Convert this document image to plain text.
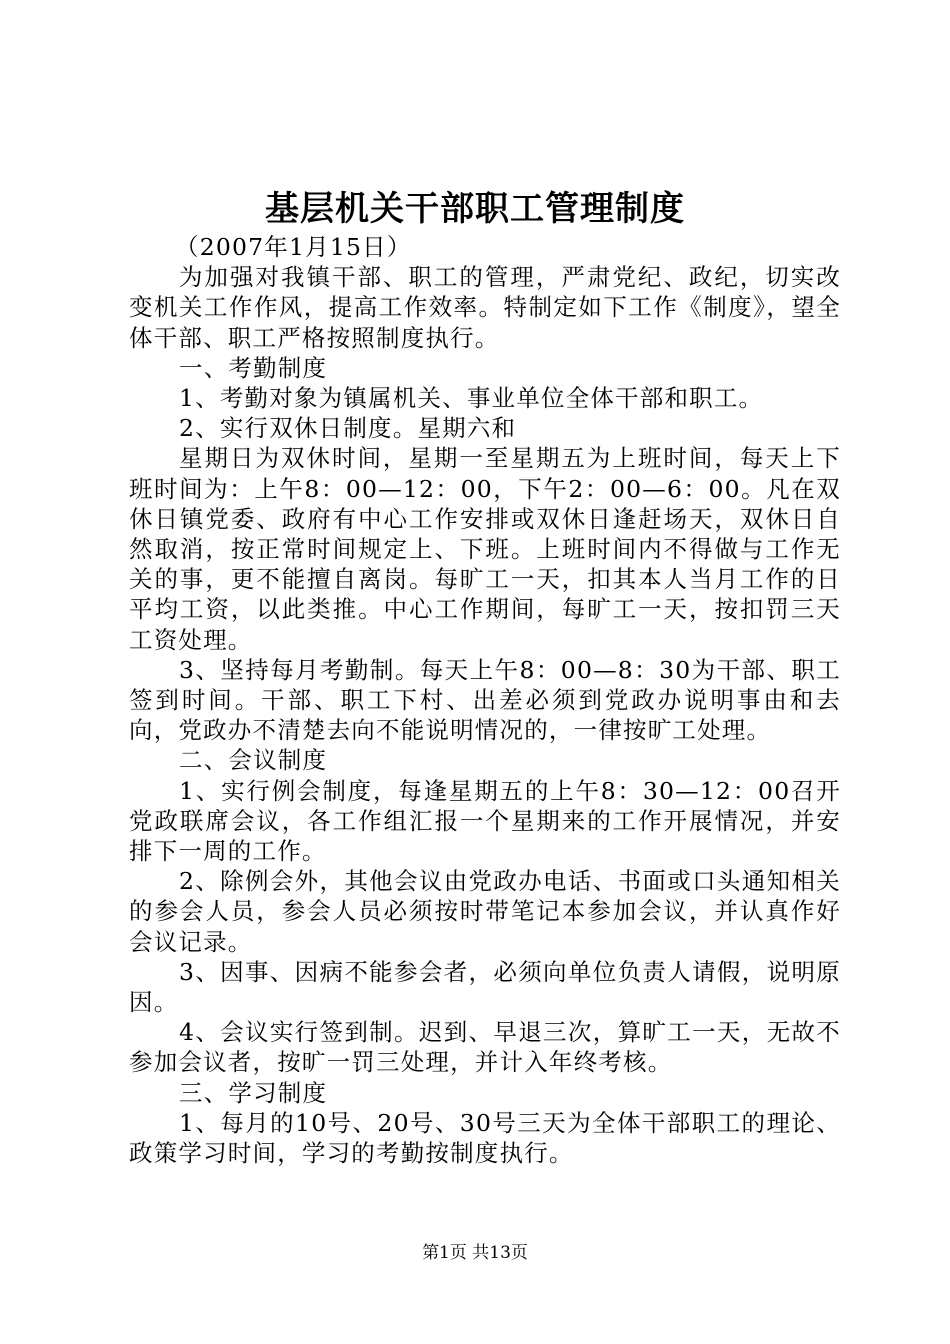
基层机关干部职工管理制度

（2007年1月15日）

为加强对我镇干部、职工的管理，严肃党纪、政纪，切实改变机关工作作风，提高工作效率。特制定如下工作《制度》，望全体干部、职工严格按照制度执行。

一、考勤制度

1、考勤对象为镇属机关、事业单位全体干部和职工。

2、实行双休日制度。星期六和

星期日为双休时间，星期一至星期五为上班时间，每天上下班时间为：上午8：00—12：00，下午2：00—6：00。凡在双休日镇党委、政府有中心工作安排或双休日逢赶场天，双休日自然取消，按正常时间规定上、下班。上班时间内不得做与工作无关的事，更不能擅自离岗。每旷工一天，扣其本人当月工作的日平均工资，以此类推。中心工作期间，每旷工一天，按扣罚三天工资处理。

3、坚持每月考勤制。每天上午8：00—8：30为干部、职工签到时间。干部、职工下村、出差必须到党政办说明事由和去向，党政办不清楚去向不能说明情况的，一律按旷工处理。

二、会议制度

1、实行例会制度，每逢星期五的上午8：30—12：00召开党政联席会议，各工作组汇报一个星期来的工作开展情况，并安排下一周的工作。

2、除例会外，其他会议由党政办电话、书面或口头通知相关的参会人员，参会人员必须按时带笔记本参加会议，并认真作好会议记录。

3、因事、因病不能参会者，必须向单位负责人请假，说明原因。

4、会议实行签到制。迟到、早退三次，算旷工一天，无故不参加会议者，按旷一罚三处理，并计入年终考核。

三、学习制度

1、每月的10号、20号、30号三天为全体干部职工的理论、政策学习时间，学习的考勤按制度执行。

第1页 共13页
